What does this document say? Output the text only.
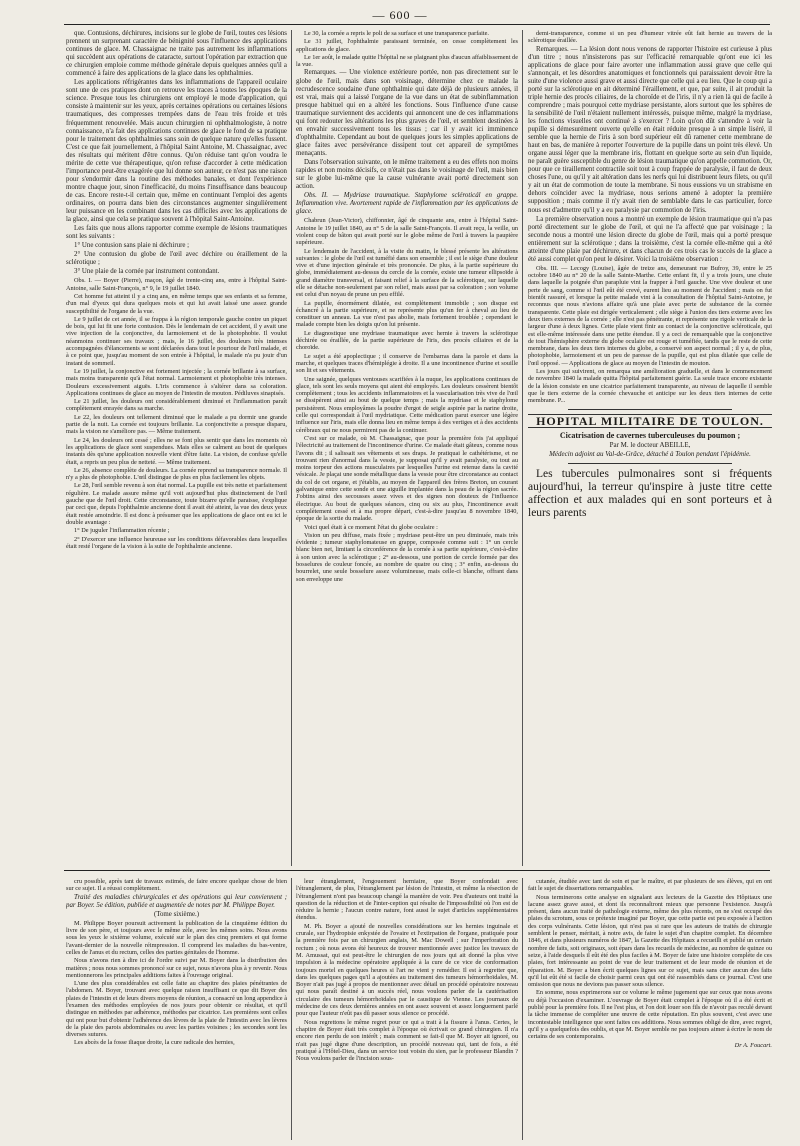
— 600 —

que. Contusions, déchirures, incisions sur le globe de l'œil, toutes ces lésions prennent un surprenant caractère de bénignité sous l'influence des applications continues de glace. M. Chassaignac ne traite pas autrement les inflammations qui succèdent aux opérations de cataracte, surtout l'opération par extraction que ce chirurgien emploie comme méthode générale depuis quelques années qu'il a commencé à faire des applications de la glace dans les ophthalmies.

Les applications réfrigérantes dans les inflammations de l'appareil oculaire sont une de ces pratiques dont on retrouve les traces à toutes les époques de la science. Presque tous les chirurgiens ont employé le mode d'application, qui consiste à maintenir sur les yeux, après certaines opérations ou certaines lésions traumatiques, des compresses trempées dans de l'eau très froide et très fréquemment renouvelée. Mais aucun chirurgien ni ophthalmologiste, à notre connaissance, n'a fait des applications continues de glace le fond de sa pratique pour le traitement des ophthalmies sans soin de quelque nature qu'elles fussent. C'est ce que fait journellement, à l'hôpital Saint Antoine, M. Chassaignac, avec des résultats qui méritent d'être connus. Qu'on réduise tant qu'on voudra le mérite de cette vue thérapeutique, qu'on refuse d'accorder à cette médication l'importance peut-être exagérée que lui donne son auteur, ce n'est pas une raison pour s'endormir dans la routine des méthodes banales, et dont l'expérience montre chaque jour, sinon l'inefficacité, du moins l'insuffisance dans beaucoup de cas. Encore reste-t-il certain que, même en continuant l'emploi des agents ordinaires, on pourra dans bien des circonstances augmenter singulièrement leur puissance en les combinant dans les cas difficiles avec les applications de la glace, ainsi que cela se pratique souvent à l'hôpital Saint-Antoine.

Les faits que nous allons rapporter comme exemple de lésions traumatiques sont les suivants :

1° Une contusion sans plaie ni déchirure ;

2° Une contusion du globe de l'œil avec déchire ou éraillement de la sclérotique ;

3° Une plaie de la cornée par instrument contondant.

Obs. I. — Boyer (Pierre), maçon, âgé de trente-cinq ans, entre à l'hôpital Saint-Antoine, salle Saint-François, n° 9, le 19 juillet 1840.

Cet homme fut atteint il y a cinq ans, en même temps que ses enfants et sa femme, d'un mal d'yeux qui dura quelques mois et qui lui avait laissé une assez grande susceptibilité de l'organe de la vue.

Le 9 juillet de cet année, il se frappa à la région temporale gauche contre un piquet de bois, qui lui fit une forte contusion. Dès le lendemain de cet accident, il y avait une vive injection de la conjonctive, du larmoiement et de la photophobie. Il voulut néanmoins continuer ses travaux ; mais, le 16 juillet, des douleurs très intenses accompagnées d'élancements se sont déclarées dans tout le pourtour de l'œil malade, et à ce point que, jusqu'au moment de son entrée à l'hôpital, le malade n'a pu jouir d'un instant de sommeil.

Le 19 juillet, la conjonctive est fortement injectée ; la cornée brillante à sa surface, mais moins transparente qu'à l'état normal. Larmoiement et photophobie très intenses. Douleurs excessivement aiguës. L'iris commence à s'altérer dans sa coloration. Applications continues de glace au moyen de l'intestin de mouton. Pédiluves sinapisés.

Le 21 juillet, les douleurs ont considérablement diminué et l'inflammation paraît complètement enrayée dans sa marche.

Le 22, les douleurs ont tellement diminué que le malade a pu dormir une grande partie de la nuit. La cornée est toujours brillante. La conjonctivite a presque disparu, mais la vision ne s'améliore pas. — Même traitement.

Le 24, les douleurs ont cessé ; elles ne se font plus sentir que dans les moments où les applications de glace sont suspendues. Mais elles se calment au bout de quelques instants dès qu'une application nouvelle vient d'être faite. La vision, de confuse qu'elle était, a repris un peu plus de netteté. — Même traitement.

Le 26, absence complète de douleurs. La cornée reprend sa transparence normale. Il n'y a plus de photophobie. L'œil distingue de plus en plus facilement les objets.

Le 28, l'œil semble revenu à son état normal. La pupille est très nette et parfaitement régulière. Le malade assure même qu'il voit aujourd'hui plus distinctement de l'œil gauche que de l'œil droit. Cette circonstance, toute bizarre qu'elle paraisse, s'explique par ceci que, depuis l'ophthalmie ancienne dont il avait été atteint, la vue des deux yeux était restée amoindrie. Il est donc à présumer que les applications de glace ont eu ici le double avantage :

1° De juguler l'inflammation récente ;

2° D'exercer une influence heureuse sur les conditions défavorables dans lesquelles était resté l'organe de la vision à la suite de l'ophthalmie ancienne.

Le 30, la cornée a repris le poli de sa surface et une transparence parfaite.

Le 31 juillet, l'ophthalmie paraissant terminée, on cesse complètement les applications de glace.

Le 1er août, le malade quitte l'hôpital ne se plaignant plus d'aucun affaiblissement de la vue.

Remarques. — Une violence extérieure portée, non pas directement sur le globe de l'œil, mais dans son voisinage, détermine chez ce malade la recrudescence soudaine d'une ophthalmie qui date déjà de plusieurs années, il est vrai, mais qui a laissé l'organe de la vue dans un état de subinflammation presque habituel qui en a altéré les fonctions. Sous l'influence d'une cause traumatique surviennent des accidents qui annoncent une de ces inflammations qui font redouter les altérations les plus graves de l'œil, et semblent destinées à en envahir successivement tous les tissus ; car il y avait ici imminence d'ophthalmite. Cependant au bout de quelques jours les simples applications de glace faites avec persévérance dissipent tout cet appareil de symptômes menaçants.

Dans l'observation suivante, on le même traitement a eu des effets non moins rapides et non moins décisifs, ce n'était pas dans le voisinage de l'œil, mais bien sur le globe lui-même que la cause vulnérante avait porté directement son action.

Obs. II. — Mydriase traumatique. Staphylome scléroticál en grappe. Inflammation vive. Avortement rapide de l'inflammation par les applications de glace.

Chabrun (Jean-Victor), chiffonnier, âgé de cinquante ans, entre à l'hôpital Saint-Antoine le 19 juillet 1840, au n° 5 de la salle Saint-François. Il avait reçu, la veille, un violent coup de bâton qui avait porté sur le globe même de l'œil à travers la paupière supérieure.

Le lendemain de l'accident, à la visite du matin, le blessé présente les altérations suivantes : le globe de l'œil est tuméfié dans son ensemble ; il est le siège d'une douleur vive et d'une injection générale et très prononcée. De plus, à la partie supérieure du globe, immédiatement au-dessus du cercle de la cornée, existe une tumeur ellipsoïde à grand diamètre transversal, et faisant relief à la surface de la sclérotique, sur laquelle elle se détache non-seulement par son relief, mais aussi par sa coloration ; son volume est celui d'un noyau de prune un peu effilé.

La pupille, énormément dilatée, est complètement immobile ; son disque est échancré à la partie supérieure, et ne représente plus qu'un fer à cheval au lieu de constituer un anneau. La vue n'est pas abolie, mais fortement troublée ; cependant le malade compte bien les doigts qu'on lui présente.

Le diagnostique une mydriase traumatique avec hernie à travers la sclérotique déchirée ou éraillée, de la partie supérieure de l'iris, des procès ciliaires et de la choroïde.

Le sujet a été apoplectique ; il conserve de l'embarras dans la parole et dans la marche, et quelques traces d'hémiplégie à droite. Il a une incontinence d'urine et souille son lit et ses vêtements.

Une saignée, quelques ventouses scarifiées à la nuque, les applications continues de glace, tels sont les seuls moyens qui aient été employés. Les douleurs cessèrent bientôt complètement ; tous les accidents inflammatoires et la vascularisation très vive de l'œil se dissipèrent ainsi au bout de quelque temps ; mais la mydriase et le staphylome persistèrent. Nous employâmes la poudre d'ergot de seigle aspirée par la narine droite, celle qui correspondait à l'œil mydriatique. Cette médication parut exercer une légère influence sur l'iris, mais elle donna lieu en même temps à des vertiges et à des accidents cérébraux qui ne nous permirent pas de la continuer.

C'est sur ce malade, où M. Chassaignac, que pour la première fois j'ai appliqué l'électricité au traitement de l'incontinence d'urine. Ce malade était gâteux, comme nous l'avons dit ; il salissait ses vêtements et ses draps. Je pratiquai le cathétérisme, et ne trouvant rien d'anormal dans la vessie, je supposai qu'il y avait paralysie, ou tout au moins torpeur des actions musculaires par lesquelles l'urine est retenue dans la cavité vésicale. Je plaçai une sonde métallique dans la vessie pour être circonstance au contact du col de cet organe, et j'établis, au moyen de l'appareil des frères Breton, un courant galvanique entre cette sonde et une aiguille implantée dans la peau de la région sacrée. J'obtins ainsi des secousses assez vives et des signes non douteux de l'influence électrique. Au bout de quelques séances, cinq ou six au plus, l'incontinence avait complètement cessé et à ma propre départ, c'est-à-dire jusqu'au 8 novembre 1840, époque de la sortie du malade.

Voici quel était à ce moment l'état du globe oculaire :

Vision un peu diffuse, mais fixée ; mydriase peut-être un peu diminuée, mais très évidente ; tumeur staphylomateuse en grappe, composée comme suit : 1° un cercle blanc bien net, limitant la circonférence de la cornée à sa partie supérieure, c'est-à-dire à son union avec la sclérotique ; 2° au-dessous, une portion de cercle formée par des bosselures de couleur foncée, au nombre de quatre ou cinq ; 3° enfin, au-dessus du bourrelet, une seule bosselure assez volumineuse, mais celle-ci blanche, offrant dans son enveloppe une

demi-transparence, comme si un peu d'humeur vitrée eût fait hernie au travers de la sclérotique éraillée.

Remarques. — La lésion dont nous venons de rapporter l'histoire est curieuse à plus d'un titre ; nous n'insisterons pas sur l'efficacité remarquable qu'ont eue ici les applications de glace pour faire avorter une inflammation aussi grave que celle qui s'annonçait, et les désordres anatomiques et fonctionnels qui paraissaient devoir être la suite d'une violence aussi grave et aussi directe que celle qui a eu lieu. Que le coup qui a porté sur la sclérotique en ait déterminé l'éraillement, et que, par suite, il ait produit la triple hernie des procès ciliaires, de la choroïde et de l'iris, il n'y a rien là qui de facile à comprendre ; mais pourquoi cette mydriase persistante, alors surtout que les sphères de la sensibilité de l'œil n'étaient nullement intéressés, puisque même, malgré la mydriase, les fonctions visuelles ont continué à s'exercer ? Loin qu'on dût s'attendre à voir la pupille si démesurément ouverte qu'elle en était réduite presque à un simple liséré, il semble que la hernie de l'iris à son bord supérieur eût dû ramener cette membrane de haut en bas, de manière à reporter l'ouverture de la pupille dans un point très élevé. Un organe aussi léger que la membrane iris, flottant en quelque sorte au sein d'un liquide, ne paraît guère susceptible du genre de lésion traumatique qu'on appelle commotion. Or, pour que ce tiraillement contractile soit tout à coup frappée de paralysie, il faut de deux choses l'une, ou qu'il y ait altération dans les nerfs qui lui distribuent leurs filets, ou qu'il y ait un état de commotion de toute la membrane. Si nous eussions vu un strabisme en dehors coïncider avec la mydriase, nous serions amené à adopter la première supposition ; mais comme il n'y avait rien de semblable dans le cas particulier, force nous est d'admettre qu'il y a eu paralysie par commotion de l'iris.

La première observation nous a montré un exemple de lésion traumatique qui n'a pas porté directement sur le globe de l'œil, et qui ne l'a affecté que par voisinage ; la seconde nous a montré une lésion directe du globe de l'œil, mais qui a porté presque entièrement sur la sclérotique ; dans la troisième, c'est la cornée elle-même qui a été atteinte d'une plaie par déchirure, et dans chacun de ces trois cas le succès de la glace a été aussi complet qu'on peut le désirer. Voici la troisième observation :

Obs. III. — Lecogy (Louise), âgée de treize ans, demeurant rue Bufroy, 39, entre le 25 octobre 1840 au n° 20 de la salle Sainte-Marthe. Cette enfant fit, il y a trois jours, une chute dans laquelle la poignée d'un parapluie vint la frapper à l'œil gauche. Une vive douleur et une perte de sang, comme si l'œil eût été crevé, eurent lieu au moment de l'accident ; mais on fut bientôt rassuré, et lorsque la petite malade vint à la consultation de l'hôpital Saint-Antoine, je reconnus que nous n'avions affaire qu'à une plaie avec perte de substance de la cornée transparente. Cette plaie est dirigée verticalement ; elle siège à l'union des tiers externe avec les deux tiers externes de la cornée ; elle n'est pas pénétrante, et représente une rigole verticale de la largeur d'une à deux lignes. Cette plaie vient finir au contact de la conjonctive scléroticale, qui est elle-même intéressée dans une petite étendue. Il y a ceci de remarquable que la conjonctive de tout l'hémisphère externe du globe oculaire est rouge et tuméfiée, tandis que le reste de cette membrane, dans les deux tiers internes du globe, a conservé son aspect normal ; il y a, de plus, photophobie, larmoiement et un peu de paresse de la pupille, qui est plus dilatée que celle de l'œil opposé. — Applications de glace au moyen de l'intestin de mouton.

Les jours qui suivirent, on remarqua une amélioration graduelle, et dans le commencement de novembre 1840 la malade quitta l'hôpital parfaitement guérie. La seule trace encore existante de la lésion consiste en une cicatrice parfaitement transparente, au niveau de laquelle il semble que le tiers externe de la cornée chevauche et anticipe sur les deux tiers internes de cette membrane. P...

HOPITAL MILITAIRE DE TOULON.
Cicatrisation de cavernes tuberculeuses du poumon ;
Par M. le docteur ABEILLE,
Médecin adjoint au Val-de-Grâce, détaché à Toulon pendant l'épidémie.

Les tubercules pulmonaires sont si fréquents aujourd'hui, la terreur qu'inspire à juste titre cette affection et aux malades qui en sont porteurs et à leurs parents

cru possible, après tant de travaux estimés, de faire encore quelque chose de bien sur ce sujet. Il a réussi complètement.

Traité des maladies chirurgicales et des opérations qui leur conviennent ; par Boyer. 5e édition, publiée et augmentée de notes par M. Philippe Boyer.

(Tome sixième.)

M. Philippe Boyer poursuit activement la publication de la cinquième édition du livre de son père, et toujours avec le même zèle, avec les mêmes soins. Nous avons sous les yeux le sixième volume, exécuté sur le plan des cinq premiers et qui forme l'avant-dernier de la nouvelle réimpression. Il comprend les maladies du bas-ventre, celles de l'anus et du rectum, celles des parties génitales de l'homme.

Nous n'avons rien à dire ici de l'ordre suivi par M. Boyer dans la distribution des matières ; nous nous sommes prononcé sur ce sujet, nous n'avons plus à y revenir. Nous mentionnerons les principales additions faites à l'ouvrage original.

L'une des plus considérables est celle faite au chapitre des plaies pénétrantes de l'abdomen. M. Boyer, trouvant avec quelque raison insuffisant ce que dit Boyer des plaies de l'intestin et de leurs divers moyens de réunion, a consacré un long appendice à l'examen des méthodes employées de nos jours pour obtenir ce résultat, et qu'il distingue en méthodes par adhérence, méthodes par cicatrice. Les premières sont celles qui ont pour but d'obtenir l'adhérence des lèvres de la plaie de l'intestin avec les lèvres de la plaie des parois abdominales ou avec les parties voisines ; les secondes sont les diverses sutures.

Les abcès de la fosse iliaque droite, la cure radicale des hernies,

leur étranglement, l'engouement herniaire, que Boyer confondait avec l'étranglement, de plus, l'étranglement par lésion de l'intestin, et même la résection de l'étranglement n'ont pas beaucoup changé la manière de voir. Peu d'auteurs ont traité la question de la réduction et de l'inter-ception qui résulte de l'impossibilité où l'on est de réduire la hernie ; l'aucun contre nature, font aussi le sujet d'articles supplémentaires étendus.

M. Ph. Boyer a ajouté de nouvelles considérations sur les hernies inguinale et crurale, sur l'hydropisie enkystée de l'ovaire et l'extirpation de l'organe, pratiquée pour la première fois par un chirurgien anglais, M. Mac Dowell ; sur l'imperforation du rectum ; où nous avons été heureux de trouver mentionnée avec justice les travaux de M. Amussat, qui est peut-être le chirurgien de nos jours qui ait donné la plus vive impulsion à la médecine opératoire appliquée à la cure de ce vice de conformation toujours mortel en quelques heures si l'art ne vient y remédier. Il est à regretter que, dans les quelques pages qu'il a ajoutées au traitement des tumeurs hémorrhoïdales, M. Boyer n'ait pas jugé à propos de mentionner avec détail un procédé opératoire nouveau qui nous paraît destiné à un succès réel, nous voulons parler de la cautérisation circulaire des tumeurs hémorrhoïdales par le caustique de Vienne. Les journaux de médecine de ces deux dernières années en ont assez souvent et assez longuement parlé pour que l'auteur n'eût pas dû passer sous silence ce procédé.

Nous regrettons le même regret pour ce qui a trait à la fissure à l'anus. Certes, le chapitre de Boyer était très complet à l'époque où écrivait ce grand chirurgien. Il n'a encore rien perdu de son intérêt ; mais comment se fait-il que M. Boyer ait ignoré, ou n'ait pas jugé digne d'une description, un procédé nouveau qui, tant de fois, a été pratiqué à l'Hôtel-Dieu, dans un service tout voisin du sien, par le professeur Blandin ? Nous voulons parler de l'incision sous-

cutanée, étudiée avec tant de soin et par le maître, et par plusieurs de ses élèves, qui en ont fait le sujet de dissertations remarquables.

Nous terminerons cette analyse en signalant aux lecteurs de la Gazette des Hôpitaux une lacune assez grave aussi, et dont ils reconnaîtront mieux que personne l'existence. Jusqu'à présent, dans aucun traité de pathologie externe, même des plus récents, on ne s'est occupé des plaies du scrotum, sous ce prétexte imaginé par Boyer, que cette partie est peu exposée à l'action des corps vulnérants. Cette lésion, qui n'est pas si rare que les auteurs de traités de chirurgie semblent le penser, méritait, à notre avis, de faire le sujet d'un chapitre complet. En décembre 1846, et dans plusieurs numéros de 1847, la Gazette des Hôpitaux a recueilli et publié un certain nombre de faits, soit originaux, soit épars dans les recueils de médecine, au nombre de quinze ou seize, à l'aide desquels il eût été des plus faciles à M. Boyer de faire une histoire complète de ces plaies, fort intéressante au point de vue de leur traitement et de leur mode de réunion et de réparation. M. Boyer a bien écrit quelques lignes sur ce sujet, mais sans citer aucun des faits qu'il lui eût été si facile de choisir parmi ceux qui ont été rassemblés dans ce journal. C'est une omission que nous ne devions pas passer sous silence.

En somme, nous exprimerons sur ce volume le même jugement que sur ceux que nous avons eu déjà l'occasion d'examiner. L'ouvrage de Boyer était complet à l'époque où il a été écrit et publié pour la première fois. Il ne l'est plus, et l'on doit louer son fils de n'avoir pas reculé devant la tâche immense de compléter une œuvre de cette réputation. En plus souvent, c'est avec une incontestable intelligence que sont faites ces additions. Nous sommes obligé de dire, avec regret, qu'il y a quelquefois des oublis, et que M. Boyer semble ne pas toujours aimer à écrire le nom de certains de ses contemporains.

Dr A. Foucart.
